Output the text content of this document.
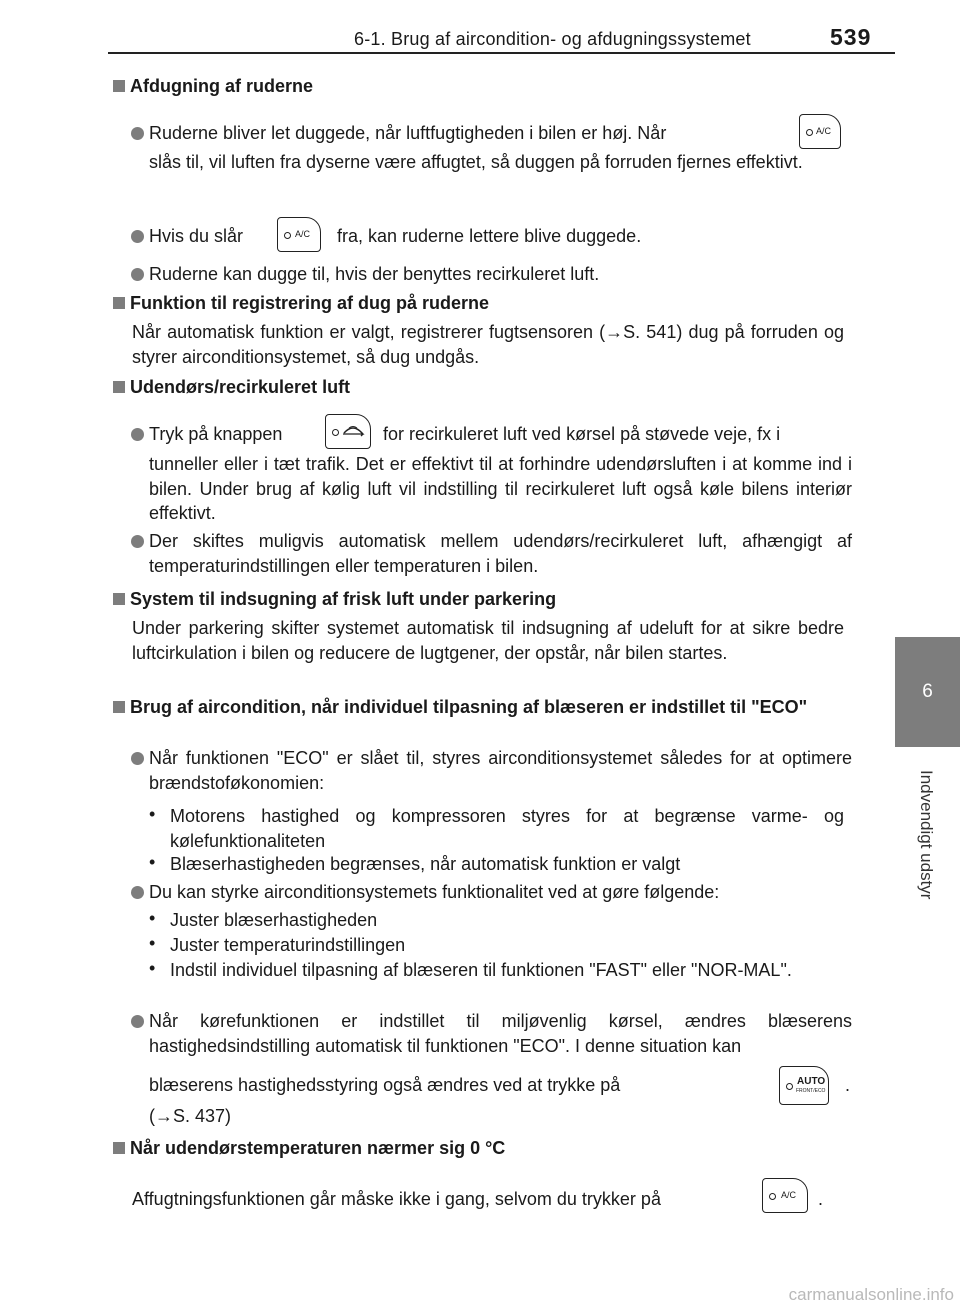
6-1. Brug af aircondition- og afdugningssystemet	539
6
Indvendigt udstyr
Afdugning af ruderne
Ruderne bliver let duggede, når luftfugtigheden i bilen er høj. Når	A/C
slås til, vil luften fra dyserne være affugtet, så duggen på forruden fjernes effektivt.
Hvis du slår	A/C fra, kan ruderne lettere blive duggede.
Ruderne kan dugge til, hvis der benyttes recirkuleret luft.
Funktion til registrering af dug på ruderne
Når automatisk funktion er valgt, registrerer fugtsensoren (→S. 541) dug på forruden og styrer airconditionsystemet, så dug undgås.
Udendørs/recirkuleret luft
Tryk på knappen	for recirkuleret luft ved kørsel på støvede veje, fx i
tunneller eller i tæt trafik. Det er effektivt til at forhindre udendørsluften i at komme ind i bilen. Under brug af kølig luft vil indstilling til recirkuleret luft også køle bilens interiør effektivt.
Der skiftes muligvis automatisk mellem udendørs/recirkuleret luft, afhængigt af temperaturindstillingen eller temperaturen i bilen.
System til indsugning af frisk luft under parkering
Under parkering skifter systemet automatisk til indsugning af udeluft for at sikre bedre luftcirkulation i bilen og reducere de lugtgener, der opstår, når bilen startes.
Brug af aircondition, når individuel tilpasning af blæseren er indstillet til "ECO"
Når funktionen "ECO" er slået til, styres airconditionsystemet således for at optimere brændstoføkonomien:
• Motorens hastighed og kompressoren styres for at begrænse varme- og kølefunktionaliteten
• Blæserhastigheden begrænses, når automatisk funktion er valgt
Du kan styrke airconditionsystemets funktionalitet ved at gøre følgende:
• Juster blæserhastigheden
• Juster temperaturindstillingen
• Indstil individuel tilpasning af blæseren til funktionen "FAST" eller "NOR-MAL".
Når kørefunktionen er indstillet til miljøvenlig kørsel, ændres blæserens hastighedsindstilling automatisk til funktionen "ECO". I denne situation kan
blæserens hastighedsstyring også ændres ved at trykke på	AUTO
FRONT/ECO .
(→S. 437)
Når udendørstemperaturen nærmer sig 0 °C
Affugtningsfunktionen går måske ikke i gang, selvom du trykker på	A/C .
carmanualsonline.info
